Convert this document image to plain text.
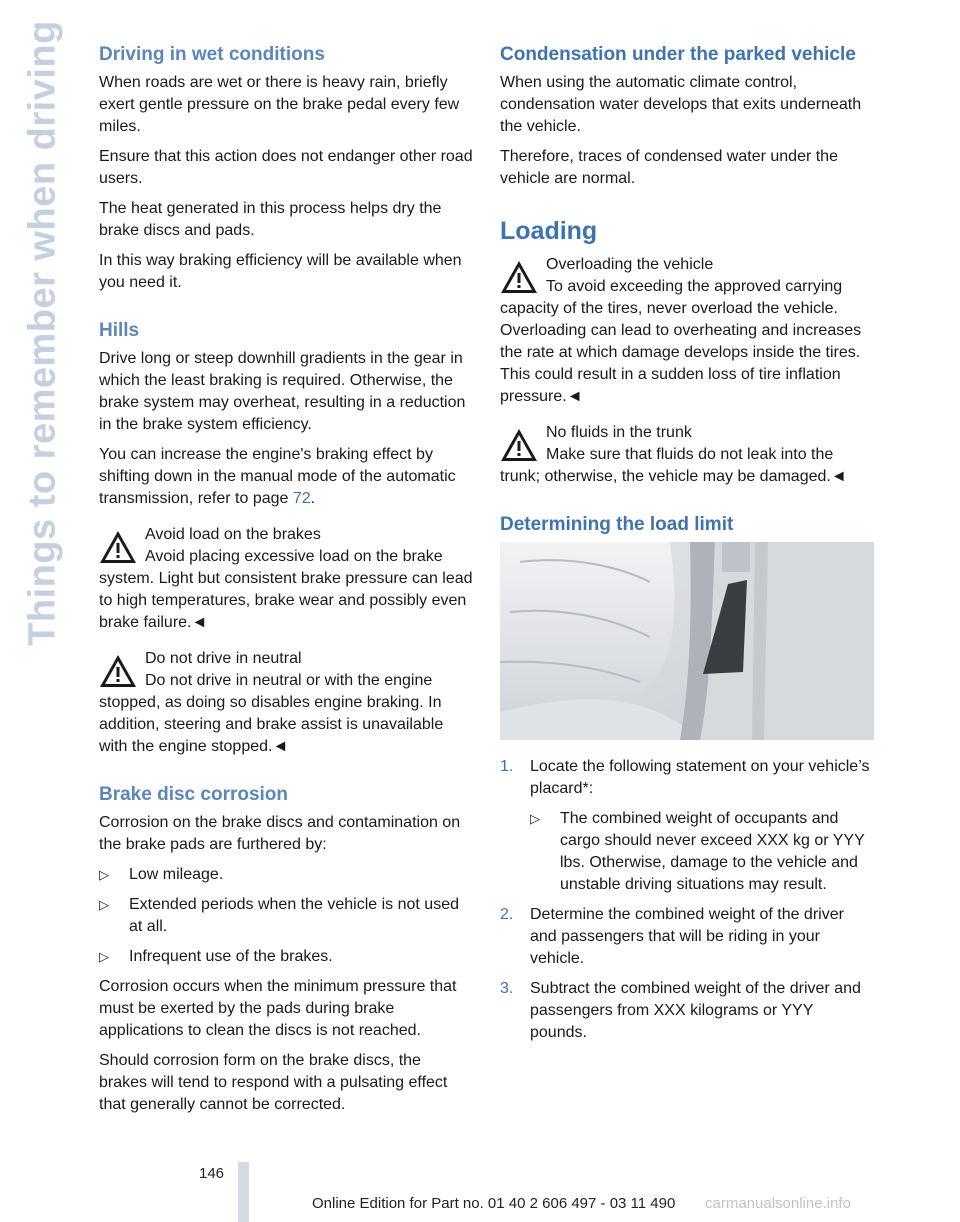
Things to remember when driving Driving in wet conditions

When roads are wet or there is heavy rain, briefly exert gentle pressure on the brake pedal every few miles.

Ensure that this action does not endanger other road users.

The heat generated in this process helps dry the brake discs and pads.

In this way braking efficiency will be available when you need it.

Hills

Drive long or steep downhill gradients in the gear in which the least braking is required. Otherwise, the brake system may overheat, resulting in a reduction in the brake system efficiency.

You can increase the engine's braking effect by shifting down in the manual mode of the automatic transmission, refer to page 72.

Avoid load on the brakes

Avoid placing excessive load on the brake system. Light but consistent brake pressure can lead to high temperatures, brake wear and possibly even brake failure.◄

Do not drive in neutral

Do not drive in neutral or with the engine stopped, as doing so disables engine braking. In addition, steering and brake assist is unavailable with the engine stopped.◄

Brake disc corrosion

Corrosion on the brake discs and contamination on the brake pads are furthered by:

▷ Low mileage.
▷ Extended periods when the vehicle is not used at all.
▷ Infrequent use of the brakes.

Corrosion occurs when the minimum pressure that must be exerted by the pads during brake applications to clean the discs is not reached.

Should corrosion form on the brake discs, the brakes will tend to respond with a pulsating effect that generally cannot be corrected.

Condensation under the parked vehicle

When using the automatic climate control, condensation water develops that exits underneath the vehicle.

Therefore, traces of condensed water under the vehicle are normal.

Loading
Overloading the vehicle

To avoid exceeding the approved carrying capacity of the tires, never overload the vehicle. Overloading can lead to overheating and increases the rate at which damage develops inside the tires. This could result in a sudden loss of tire inflation pressure.◄

No fluids in the trunk

Make sure that fluids do not leak into the trunk; otherwise, the vehicle may be damaged.◄

Determining the load limit
1. Locate the following statement on your vehicle’s placard*:
▷ The combined weight of occupants and cargo should never exceed XXX kg or YYY lbs. Otherwise, damage to the vehicle and unstable driving situations may result.
2. Determine the combined weight of the driver and passengers that will be riding in your vehicle.
3. Subtract the combined weight of the driver and passengers from XXX kilograms or YYY pounds.
146
Online Edition for Part no. 01 40 2 606 497 - 03 11 490 carmanualsonline.info
